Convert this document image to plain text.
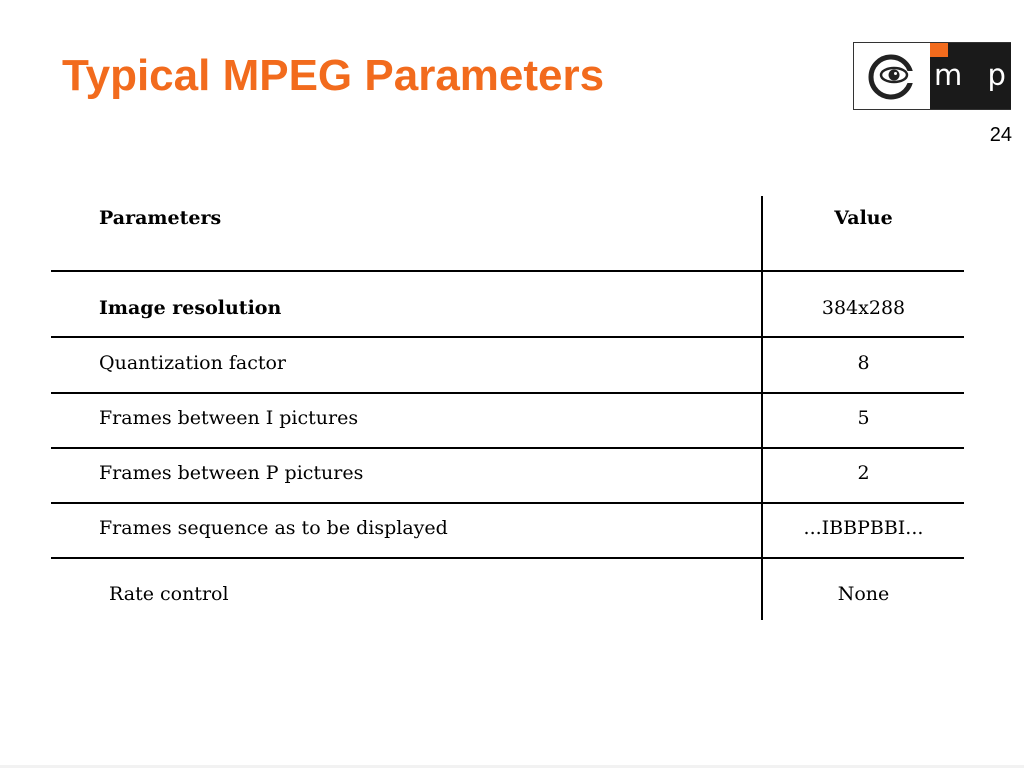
Typical MPEG Parameters	m p
24
Parameters	Value
Image resolution	384x288
Quantization factor	8
Frames between I pictures	5
Frames between P pictures	2
Frames sequence as to be displayed	...IBBPBBI...
Rate control	None
